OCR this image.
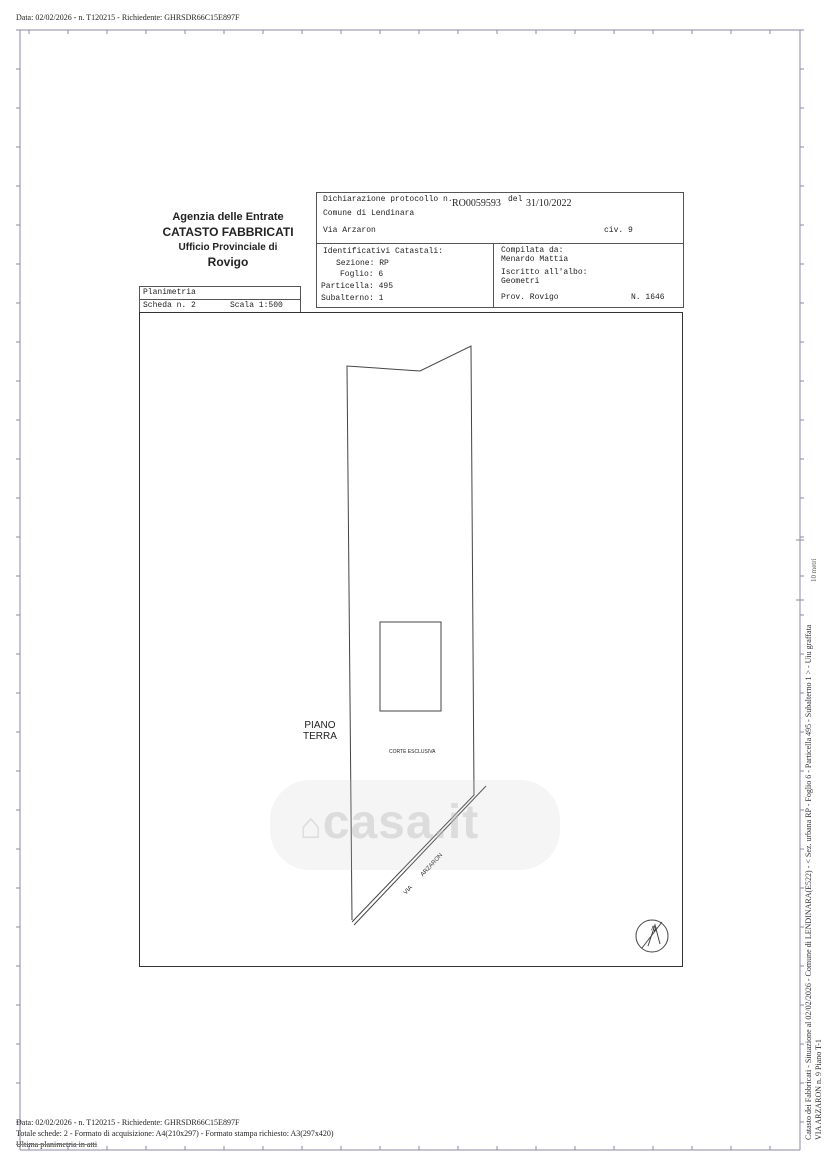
Data: 02/02/2026 - n. T120215 - Richiedente: GHRSDR66C15E897F
10 metri
Agenzia delle Entrate
CATASTO FABBRICATI
Ufficio Provinciale di
Rovigo
Dichiarazione protocollo n. RO0059593 del 31/10/2022
Comune di Lendinara
Via Arzaron	civ. 9
Identificativi Catastali:
Sezione: RP
Foglio: 6
Particella: 495
Subalterno: 1
Compilata da:
Menardo Mattia
Iscritto all'albo:
Geometri
Prov. Rovigo	N. 1646
Planimetria
Scheda n. 2	Scala 1:500
PIANO
TERRA
CORTE ESCLUSIVA
VIA ARZARON
N
⌂casa.it	Catasto dei Fabbricati - Situazione al 02/02/2026 - Comune di LENDINARA(E522) - < Sez. urbana RP - Foglio 6 - Particella 495 - Subalterno 1 > - Uiu graffata VIA ARZARON n. 9 Piano T-1
Data: 02/02/2026 - n. T120215 - Richiedente: GHRSDR66C15E897F
Totale schede: 2 - Formato di acquisizione: A4(210x297) - Formato stampa richiesto: A3(297x420)
Ultima planimetria in atti
